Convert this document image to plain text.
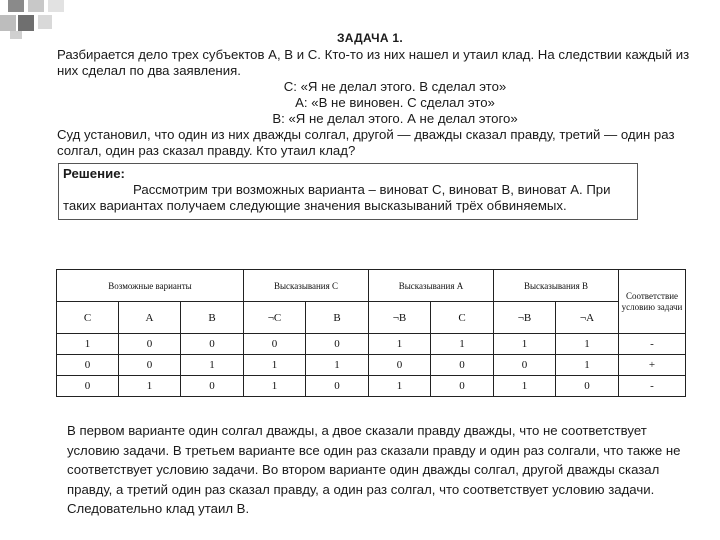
ЗАДАЧА 1.
Разбирается дело трех субъектов А, В и С. Кто-то из них нашел и утаил клад. На следствии каждый из них сделал по два заявления.
С: «Я не делал этого. В сделал это»
А: «В не виновен. С сделал это»
В: «Я не делал этого. А не делал этого»
Суд установил, что один из них дважды солгал, другой — дважды сказал правду, третий — один раз солгал, один раз сказал правду. Кто утаил клад?
Решение:
Рассмотрим три возможных варианта – виноват С, виноват В, виноват А. При таких вариантах получаем следующие значения высказываний трёх обвиняемых.
Возможные варианты			Высказывания С		Высказывания А		Высказывания В		Соответствие условию задачи
С	А	В	¬С	В	¬В	С	¬В	¬А	
1	0	0	0	0	1	1	1	1	-
0	0	1	1	1	0	0	0	1	+
0	1	0	1	0	1	0	1	0	-
В первом варианте один солгал дважды, а двое сказали правду дважды, что не соответствует условию задачи. В третьем варианте все один раз сказали правду и один раз солгали, что также не соответствует условию задачи. Во втором варианте один дважды солгал, другой дважды сказал правду, а третий один раз сказал правду, а один раз солгал, что соответствует условию задачи. Следовательно клад утаил В.
